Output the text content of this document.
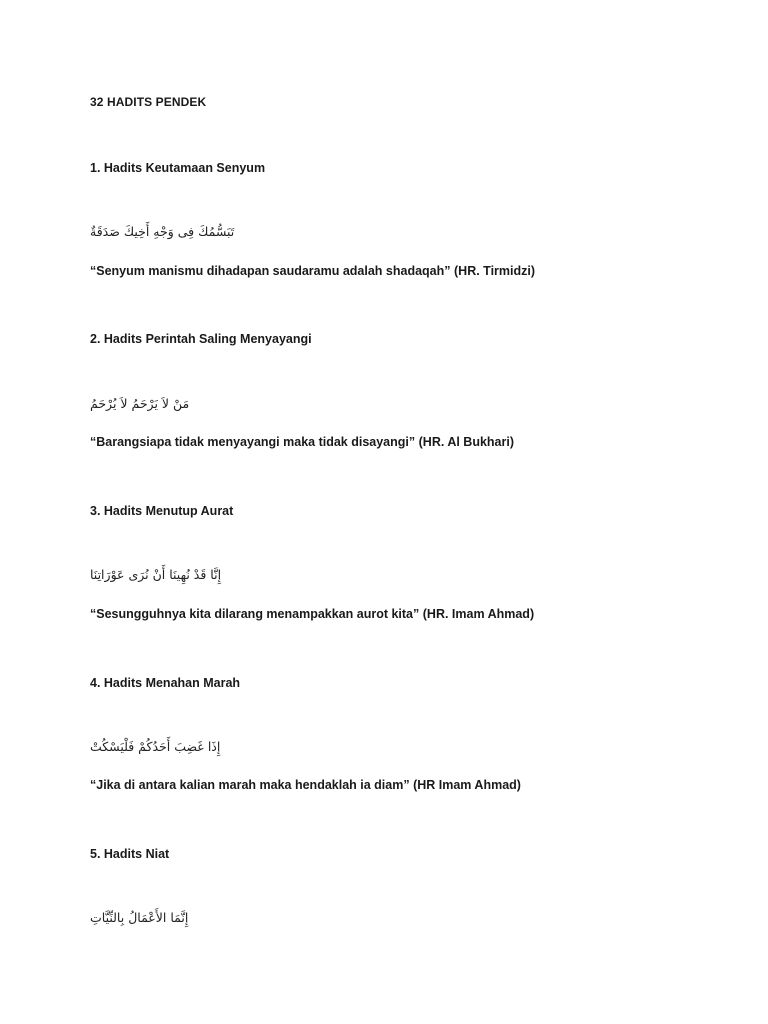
32 HADITS PENDEK
1. Hadits Keutamaan Senyum
تَبَسُّمُكَ فِى وَجْهِ أَخِيكَ صَدَقَةٌ
“Senyum manismu dihadapan saudaramu adalah shadaqah” (HR. Tirmidzi)
2. Hadits Perintah Saling Menyayangi
مَنْ لاَ يَرْحَمُ لاَ يُرْحَمُ
“Barangsiapa tidak menyayangi maka tidak disayangi” (HR. Al Bukhari)
3. Hadits Menutup Aurat
إِنَّا قَدْ نُهِينَا أَنْ نُرَى عَوْرَاتِنَا
“Sesungguhnya kita dilarang menampakkan aurot kita” (HR. Imam Ahmad)
4. Hadits Menahan Marah
إِذَا غَضِبَ أَحَدُكُمْ فَلْيَسْكُتْ
“Jika di antara kalian marah maka hendaklah ia diam” (HR Imam Ahmad)
5. Hadits Niat
إِنَّمَا الأَعْمَالُ بِالنِّيَّاتِ
